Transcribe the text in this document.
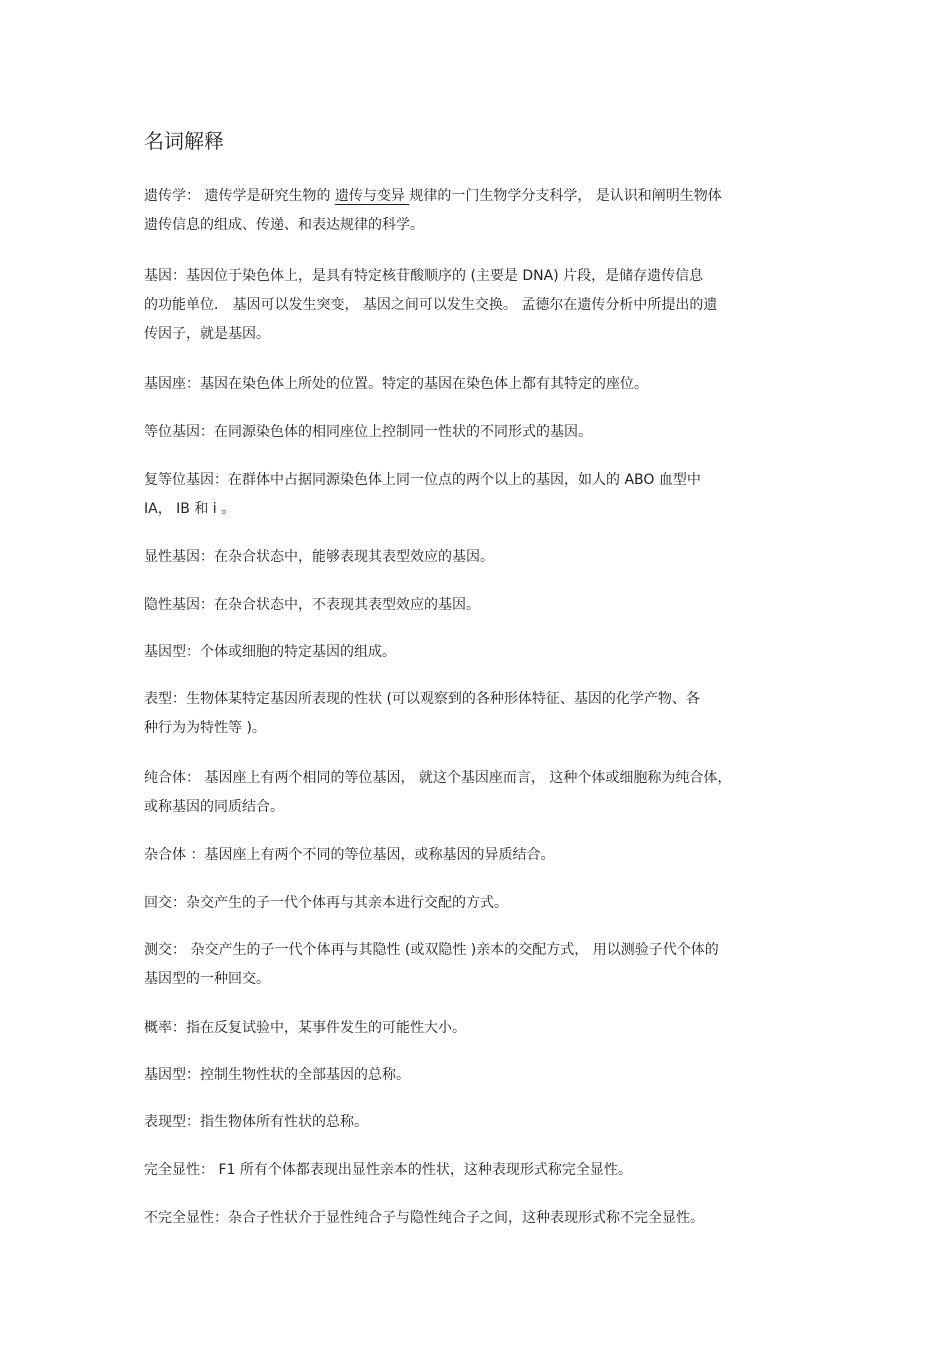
名词解释
遗传学： 遗传学是研究生物的 遗传与变异 规律的一门生物学分支科学， 是认识和阐明生物体
遗传信息的组成、传递、和表达规律的科学。
基因：基因位于染色体上，是具有特定核苷酸顺序的 (主要是 DNA) 片段，是储存遗传信息
的功能单位． 基因可以发生突变， 基因之间可以发生交换。 孟德尔在遗传分析中所提出的遗
传因子，就是基因。
基因座：基因在染色体上所处的位置。特定的基因在染色体上都有其特定的座位。
等位基因：在同源染色体的相同座位上控制同一性状的不同形式的基因。
复等位基因：在群体中占据同源染色体上同一位点的两个以上的基因，如人的 ABO 血型中
IA， IB 和 i 。
显性基因：在杂合状态中，能够表现其表型效应的基因。
隐性基因：在杂合状态中，不表现其表型效应的基因。
基因型：个体或细胞的特定基因的组成。
表型：生物体某特定基因所表现的性状 (可以观察到的各种形体特征、基因的化学产物、各
种行为为特性等 )。
纯合体： 基因座上有两个相同的等位基因， 就这个基因座而言， 这种个体或细胞称为纯合体，
或称基因的同质结合。
杂合体 ：基因座上有两个不同的等位基因，或称基因的异质结合。
回交：杂交产生的子一代个体再与其亲本进行交配的方式。
测交： 杂交产生的子一代个体再与其隐性 (或双隐性 )亲本的交配方式， 用以测验子代个体的
基因型的一种回交。
概率：指在反复试验中，某事件发生的可能性大小。
基因型：控制生物性状的全部基因的总称。
表现型：指生物体所有性状的总称。
完全显性： F1 所有个体都表现出显性亲本的性状，这种表现形式称完全显性。
不完全显性：杂合子性状介于显性纯合子与隐性纯合子之间，这种表现形式称不完全显性。
